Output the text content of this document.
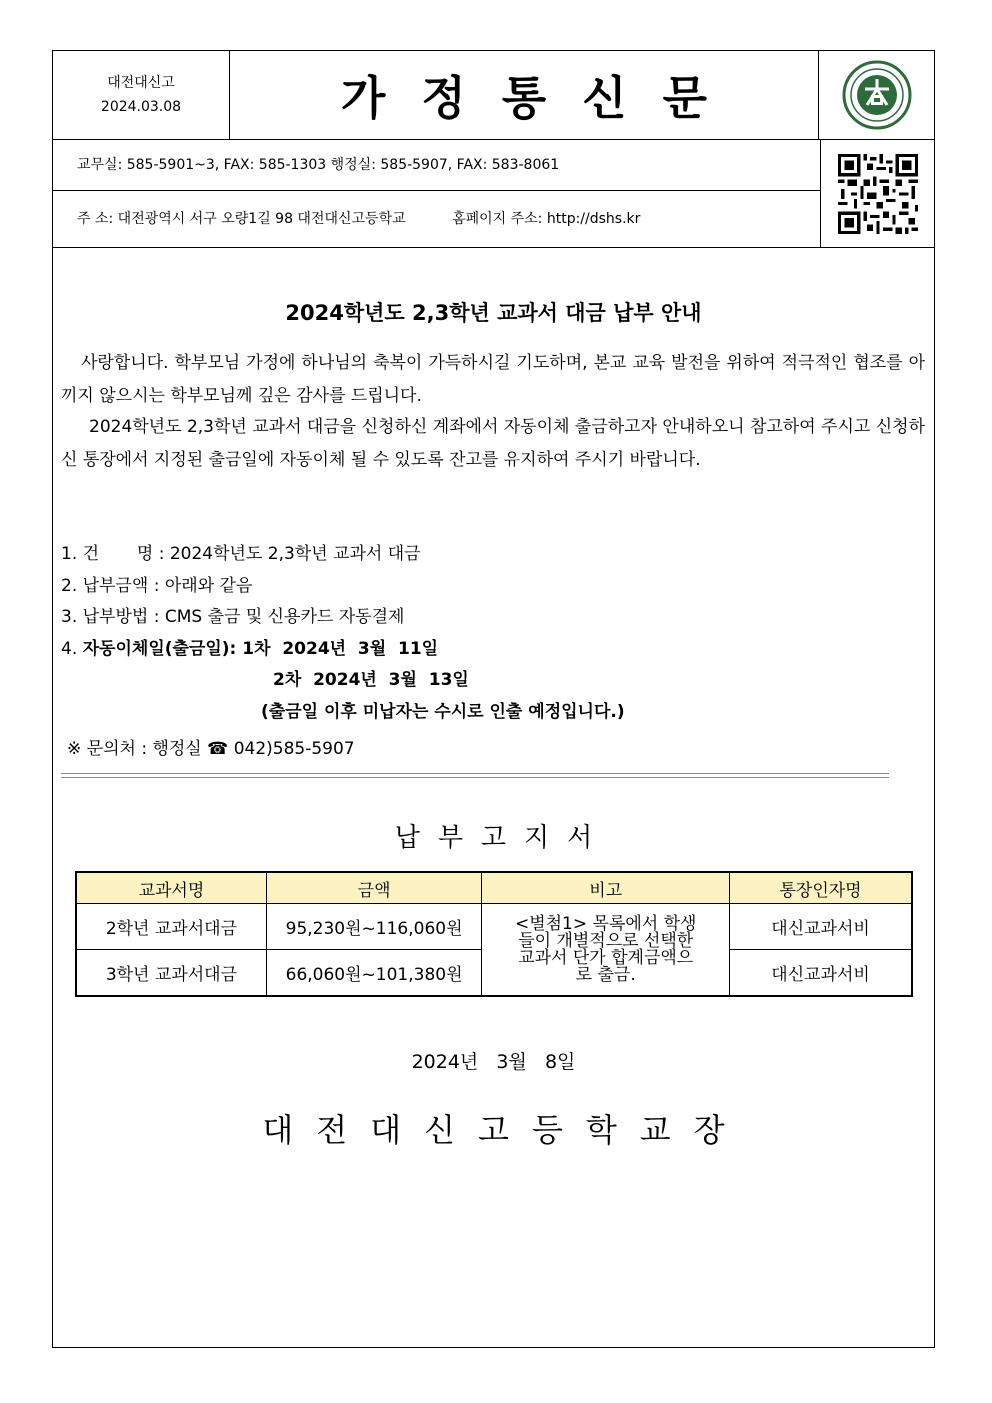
대전대신고
2024.03.08	가정통신문
교무실: 585-5901~3, FAX: 585-1303 행정실: 585-5907, FAX: 583-8061
주 소: 대전광역시 서구 오량1길 98 대전대신고등학교	홈페이지 주소: http://dshs.kr
2024학년도 2,3학년 교과서 대금 납부 안내
사랑합니다. 학부모님 가정에 하나님의 축복이 가득하시길 기도하며, 본교 교육 발전을 위하여 적극적인 협조를 아끼지 않으시는 학부모님께 깊은 감사를 드립니다.
2024학년도 2,3학년 교과서 대금을 신청하신 계좌에서 자동이체 출금하고자 안내하오니 참고하여 주시고 신청하신 통장에서 지정된 출금일에 자동이체 될 수 있도록 잔고를 유지하여 주시기 바랍니다.
1. 건       명 : 2024학년도 2,3학년 교과서 대금
2. 납부금액 : 아래와 같음
3. 납부방법 : CMS 출금 및 신용카드 자동결제
4. 자동이체일(출금일): 1차  2024년  3월  11일
2차  2024년  3월  13일
(출금일 이후 미납자는 수시로 인출 예정입니다.)
※ 문의처 : 행정실 ☎ 042)585-5907
납부고지서
교과서명	금액	비고	통장인자명
2학년 교과서대금	95,230원~116,060원	<별첨1> 목록에서 학생들이 개별적으로 선택한 교과서 단가 합계금액으로 출금.	대신교과서비
3학년 교과서대금	66,060원~101,380원		대신교과서비
2024년   3월   8일
대전대신고등학교장
